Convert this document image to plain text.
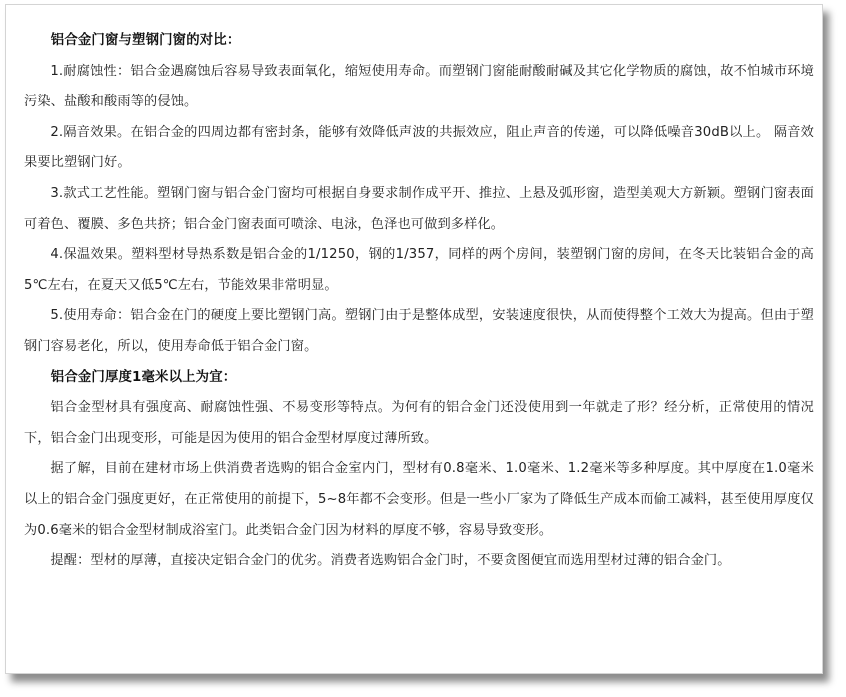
铝合金门窗与塑钢门窗的对比：

1.耐腐蚀性：铝合金遇腐蚀后容易导致表面氧化，缩短使用寿命。而塑钢门窗能耐酸耐碱及其它化学物质的腐蚀，故不怕城市环境污染、盐酸和酸雨等的侵蚀。

2.隔音效果。在铝合金的四周边都有密封条，能够有效降低声波的共振效应，阻止声音的传递，可以降低噪音30dB以上。 隔音效果要比塑钢门好。

3.款式工艺性能。塑钢门窗与铝合金门窗均可根据自身要求制作成平开、推拉、上悬及弧形窗，造型美观大方新颖。塑钢门窗表面可着色、覆膜、多色共挤；铝合金门窗表面可喷涂、电泳，色泽也可做到多样化。

4.保温效果。塑料型材导热系数是铝合金的1/1250，钢的1/357，同样的两个房间，装塑钢门窗的房间，在冬天比装铝合金的高5℃左右，在夏天又低5℃左右，节能效果非常明显。

5.使用寿命：铝合金在门的硬度上要比塑钢门高。塑钢门由于是整体成型，安装速度很快，从而使得整个工效大为提高。但由于塑钢门容易老化，所以，使用寿命低于铝合金门窗。

铝合金门厚度1毫米以上为宜：

铝合金型材具有强度高、耐腐蚀性强、不易变形等特点。为何有的铝合金门还没使用到一年就走了形？经分析，正常使用的情况下，铝合金门出现变形，可能是因为使用的铝合金型材厚度过薄所致。

据了解，目前在建材市场上供消费者选购的铝合金室内门，型材有0.8毫米、1.0毫米、1.2毫米等多种厚度。其中厚度在1.0毫米以上的铝合金门强度更好，在正常使用的前提下，5~8年都不会变形。但是一些小厂家为了降低生产成本而偷工减料，甚至使用厚度仅为0.6毫米的铝合金型材制成浴室门。此类铝合金门因为材料的厚度不够，容易导致变形。

提醒：型材的厚薄，直接决定铝合金门的优劣。消费者选购铝合金门时，不要贪图便宜而选用型材过薄的铝合金门。
